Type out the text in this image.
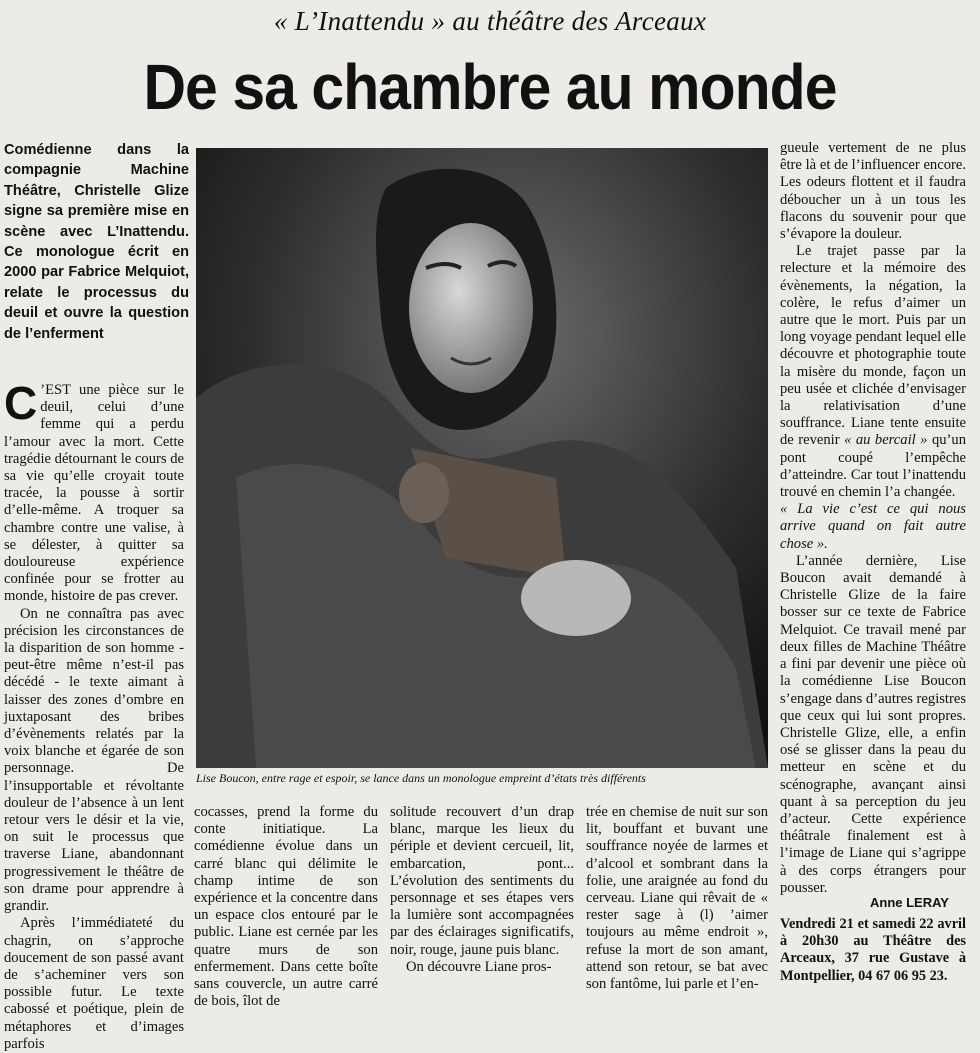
« L’Inattendu » au théâtre des Arceaux
De sa chambre au monde
Comédienne dans la compagnie Machine Théâtre, Christelle Glize signe sa première mise en scène avec L’Inattendu. Ce monologue écrit en 2000 par Fabrice Melquiot, relate le processus du deuil et ouvre la question de l’enferment

C ’EST une pièce sur le deuil, celui d’une femme qui a perdu l’amour avec la mort. Cette tragédie détournant le cours de sa vie qu’elle croyait toute tracée, la pousse à sortir d’elle-même. A troquer sa chambre contre une valise, à se délester, à quitter sa douloureuse expérience confinée pour se frotter au monde, histoire de pas crever.

On ne connaîtra pas avec précision les circonstances de la disparition de son homme - peut-être même n’est-il pas décédé - le texte aimant à laisser des zones d’ombre en juxtaposant des bribes d’évènements relatés par la voix blanche et égarée de son personnage. De l’insupportable et révoltante douleur de l’absence à un lent retour vers le désir et la vie, on suit le processus que traverse Liane, abandonnant progressivement le théâtre de son drame pour apprendre à grandir.

Après l’immédiateté du chagrin, on s’approche doucement de son passé avant de s’acheminer vers son possible futur. Le texte cabossé et poétique, plein de métaphores et d’images parfois

Lise Boucon, entre rage et espoir, se lance dans un monologue empreint d’états très différents

cocasses, prend la forme du conte initiatique. La comédienne évolue dans un carré blanc qui délimite le champ intime de son expérience et la concentre dans un espace clos entouré par le public. Liane est cernée par les quatre murs de son enfermement. Dans cette boîte sans couvercle, un autre carré de bois, îlot de

solitude recouvert d’un drap blanc, marque les lieux du périple et devient cercueil, lit, embarcation, pont... L’évolution des sentiments du personnage et ses étapes vers la lumière sont accompagnées par des éclairages significatifs, noir, rouge, jaune puis blanc.

On découvre Liane pros-

trée en chemise de nuit sur son lit, bouffant et buvant une souffrance noyée de larmes et d’alcool et sombrant dans la folie, une araignée au fond du cerveau. Liane qui rêvait de « rester sage à (l) ’aimer toujours au même endroit », refuse la mort de son amant, attend son retour, se bat avec son fantôme, lui parle et l’en-

gueule vertement de ne plus être là et de l’influencer encore. Les odeurs flottent et il faudra déboucher un à un tous les flacons du souvenir pour que s’évapore la douleur.

Le trajet passe par la relecture et la mémoire des évènements, la négation, la colère, le refus d’aimer un autre que le mort. Puis par un long voyage pendant lequel elle découvre et photographie toute la misère du monde, façon un peu usée et clichée d’envisager la relativisation d’une souffrance. Liane tente ensuite de revenir « au bercail » qu’un pont coupé l’empêche d’atteindre. Car tout l’inattendu trouvé en chemin l’a changée.

« La vie c’est ce qui nous arrive quand on fait autre chose ».

L’année dernière, Lise Boucon avait demandé à Christelle Glize de la faire bosser sur ce texte de Fabrice Melquiot. Ce travail mené par deux filles de Machine Théâtre a fini par devenir une pièce où la comédienne Lise Boucon s’engage dans d’autres registres que ceux qui lui sont propres. Christelle Glize, elle, a enfin osé se glisser dans la peau du metteur en scène et du scénographe, avançant ainsi quant à sa perception du jeu d’acteur. Cette expérience théâtrale finalement est à l’image de Liane qui s’agrippe à des corps étrangers pour pousser.

Anne LERAY
Vendredi 21 et samedi 22 avril à 20h30 au Théâtre des Arceaux, 37 rue Gustave à Montpellier, 04 67 06 95 23.
